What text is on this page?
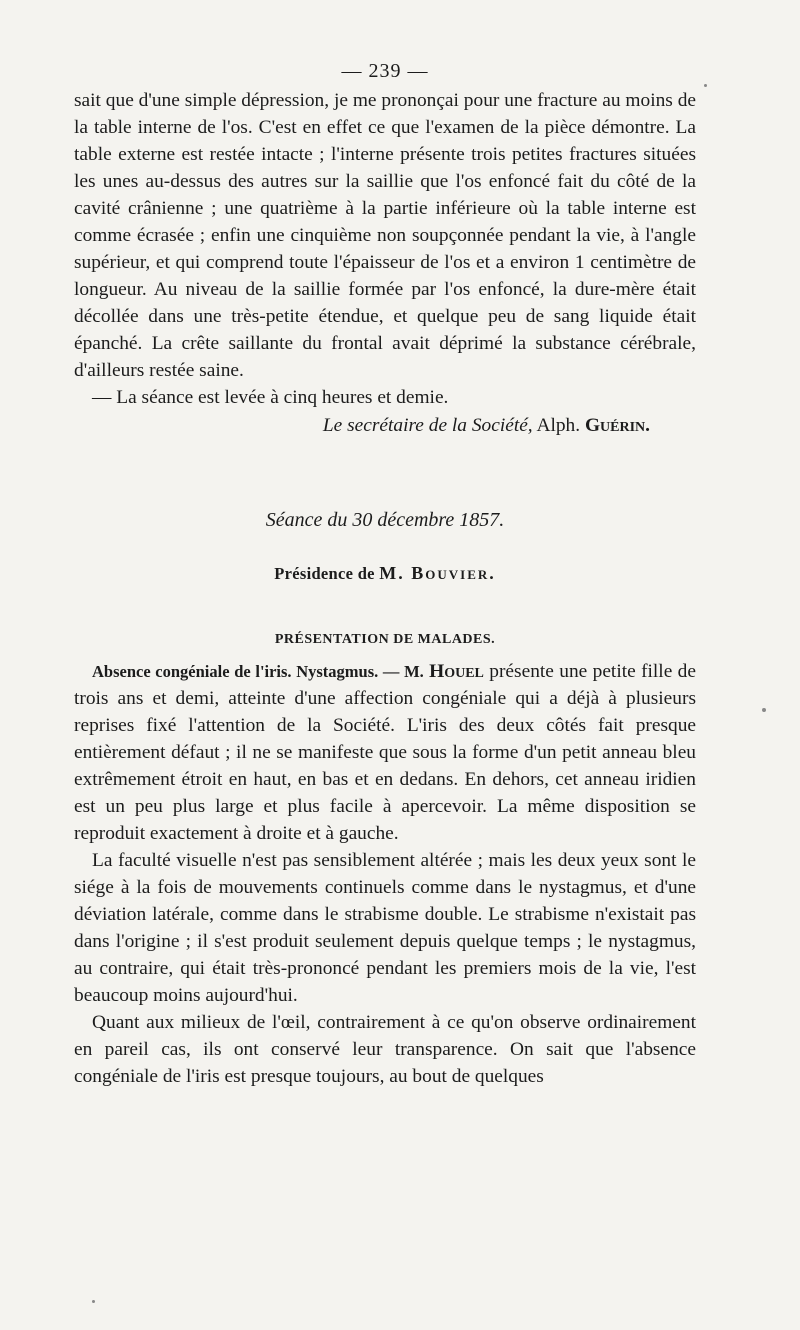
— 239 —

sait que d'une simple dépression, je me prononçai pour une fracture au moins de la table interne de l'os. C'est en effet ce que l'examen de la pièce démontre. La table externe est restée intacte ; l'interne présente trois petites fractures situées les unes au-dessus des autres sur la saillie que l'os enfoncé fait du côté de la cavité crânienne ; une quatrième à la partie inférieure où la table interne est comme écrasée ; enfin une cinquième non soupçonnée pendant la vie, à l'angle supérieur, et qui comprend toute l'épaisseur de l'os et a environ 1 centimètre de longueur. Au niveau de la saillie formée par l'os enfoncé, la dure-mère était décollée dans une très-petite étendue, et quelque peu de sang liquide était épanché. La crête saillante du frontal avait déprimé la substance cérébrale, d'ailleurs restée saine.

— La séance est levée à cinq heures et demie.

Le secrétaire de la Société, Alph. Guérin.
Séance du 30 décembre 1857.
Présidence de M. Bouvier.
PRÉSENTATION DE MALADES.

Absence congéniale de l'iris. Nystagmus. — M. Houel présente une petite fille de trois ans et demi, atteinte d'une affection congéniale qui a déjà à plusieurs reprises fixé l'attention de la Société. L'iris des deux côtés fait presque entièrement défaut ; il ne se manifeste que sous la forme d'un petit anneau bleu extrêmement étroit en haut, en bas et en dedans. En dehors, cet anneau iridien est un peu plus large et plus facile à apercevoir. La même disposition se reproduit exactement à droite et à gauche.

La faculté visuelle n'est pas sensiblement altérée ; mais les deux yeux sont le siége à la fois de mouvements continuels comme dans le nystagmus, et d'une déviation latérale, comme dans le strabisme double. Le strabisme n'existait pas dans l'origine ; il s'est produit seulement depuis quelque temps ; le nystagmus, au contraire, qui était très-prononcé pendant les premiers mois de la vie, l'est beaucoup moins aujourd'hui.

Quant aux milieux de l'œil, contrairement à ce qu'on observe ordinairement en pareil cas, ils ont conservé leur transparence. On sait que l'absence congéniale de l'iris est presque toujours, au bout de quelques
